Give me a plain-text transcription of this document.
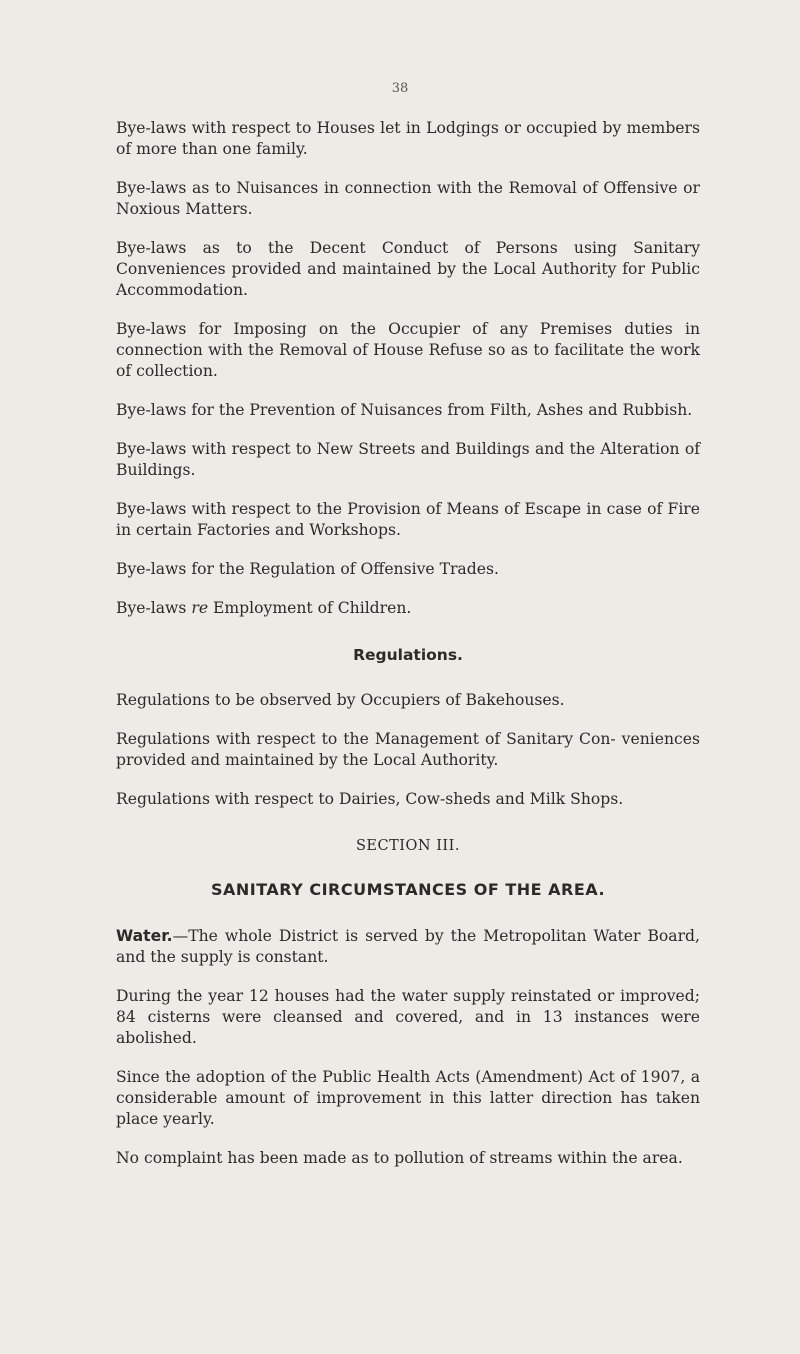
38

Bye-laws with respect to Houses let in Lodgings or occupied by members of more than one family.

Bye-laws as to Nuisances in connection with the Removal of Offensive or Noxious Matters.

Bye-laws as to the Decent Conduct of Persons using Sanitary Conveniences provided and maintained by the Local Authority for Public Accommodation.

Bye-laws for Imposing on the Occupier of any Premises duties in connection with the Removal of House Refuse so as to facilitate the work of collection.

Bye-laws for the Prevention of Nuisances from Filth, Ashes and Rubbish.

Bye-laws with respect to New Streets and Buildings and the Alteration of Buildings.

Bye-laws with respect to the Provision of Means of Escape in case of Fire in certain Factories and Workshops.

Bye-laws for the Regulation of Offensive Trades.

Bye-laws re Employment of Children.

Regulations.

Regulations to be observed by Occupiers of Bakehouses.

Regulations with respect to the Management of Sanitary Con- veniences provided and maintained by the Local Authority.

Regulations with respect to Dairies, Cow-sheds and Milk Shops.

SECTION III.
SANITARY CIRCUMSTANCES OF THE AREA.

Water.—The whole District is served by the Metropolitan Water Board, and the supply is constant.

During the year 12 houses had the water supply reinstated or improved; 84 cisterns were cleansed and covered, and in 13 instances were abolished.

Since the adoption of the Public Health Acts (Amendment) Act of 1907, a considerable amount of improvement in this latter direction has taken place yearly.

No complaint has been made as to pollution of streams within the area.
